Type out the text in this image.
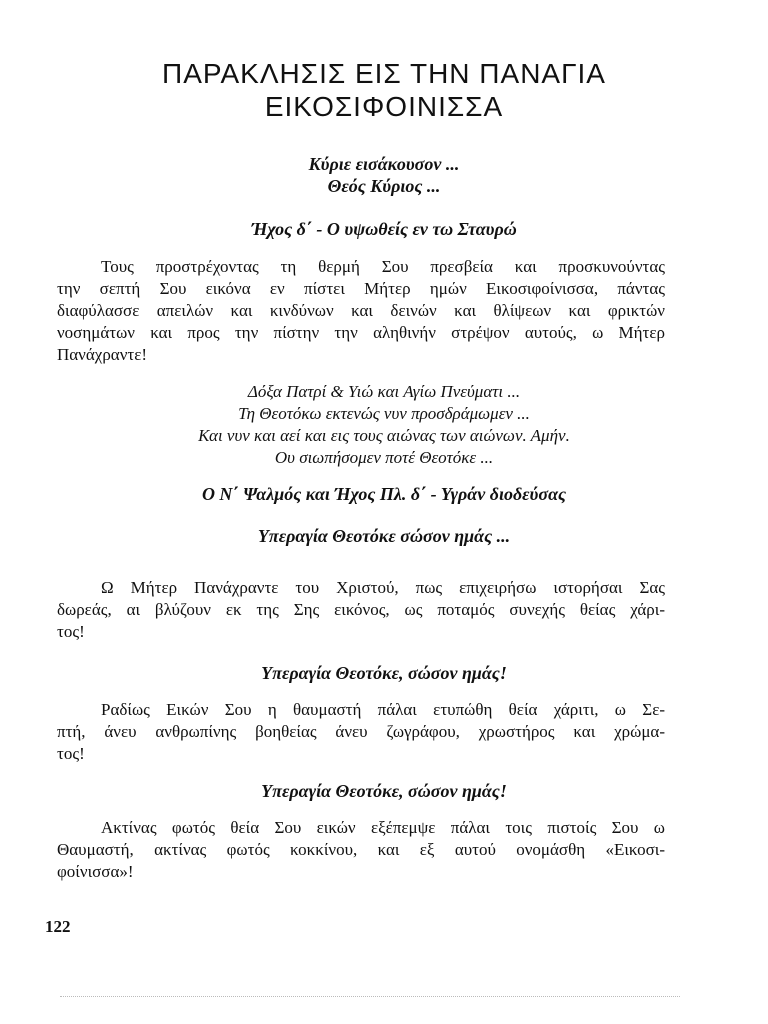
ΠΑΡΑΚΛΗΣΙΣ ΕΙΣ ΤΗΝ ΠΑΝΑΓΙΑ
ΕΙΚΟΣΙΦΟΙΝΙΣΣΑ
Κύριε εισάκουσον ...
Θεός Κύριος ...
Ήχος δ΄ - Ο υψωθείς εν τω Σταυρώ
Τους προστρέχοντας τη θερμή Σου πρεσβεία και προσκυνούντας
την σεπτή Σου εικόνα εν πίστει Μήτερ ημών Εικοσιφοίνισσα, πάντας
διαφύλασσε απειλών και κινδύνων και δεινών και θλίψεων και φρικτών
νοσημάτων και προς την πίστην την αληθινήν στρέψον αυτούς, ω Μήτερ
Πανάχραντε!
Δόξα Πατρί & Υιώ και Αγίω Πνεύματι ...
Τη Θεοτόκω εκτενώς νυν προσδράμωμεν ...
Και νυν και αεί και εις τους αιώνας των αιώνων. Αμήν.
Ου σιωπήσομεν ποτέ Θεοτόκε ...
Ο Ν΄ Ψαλμός και Ήχος Πλ. δ΄ - Υγράν διοδεύσας
Υπεραγία Θεοτόκε σώσον ημάς ...
Ω Μήτερ Πανάχραντε του Χριστού, πως επιχειρήσω ιστορήσαι Σας
δωρεάς, αι βλύζουν εκ της Σης εικόνος, ως ποταμός συνεχής θείας χάρι-
τος!
Υπεραγία Θεοτόκε, σώσον ημάς!
Ραδίως Εικών Σου η θαυμαστή πάλαι ετυπώθη θεία χάριτι, ω Σε-
πτή, άνευ ανθρωπίνης βοηθείας άνευ ζωγράφου, χρωστήρος και χρώμα-
τος!
Υπεραγία Θεοτόκε, σώσον ημάς!
Ακτίνας φωτός θεία Σου εικών εξέπεμψε πάλαι τοις πιστοίς Σου ω
Θαυμαστή, ακτίνας φωτός κοκκίνου, και εξ αυτού ονομάσθη «Εικοσι-
φοίνισσα»!
122
